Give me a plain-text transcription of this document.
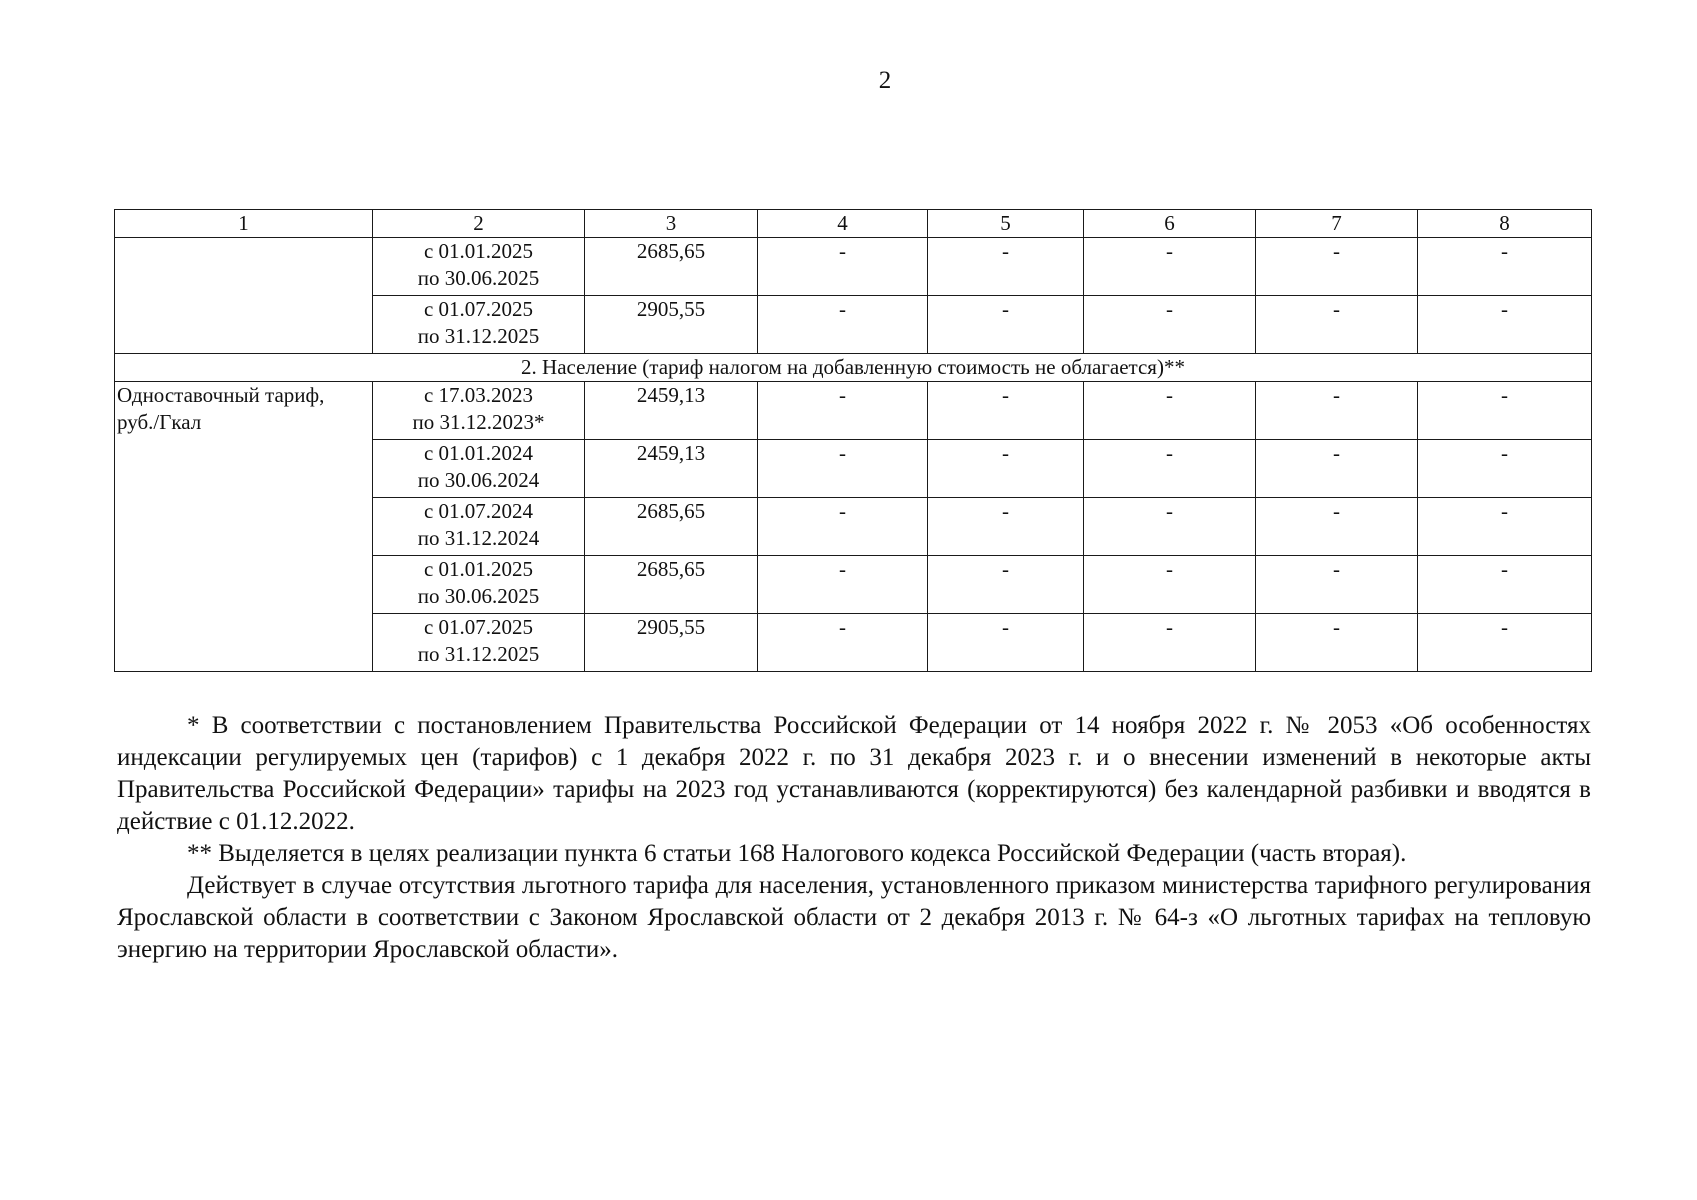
2
1	2	3	4	5	6	7	8

	с 01.01.2025
по 30.06.2025	2685,65	-	-	-	-	-

	с 01.07.2025
по 31.12.2025	2905,55	-	-	-	-	-
2. Население (тариф налогом на добавленную стоимость не облагается)**							

Одноставочный тариф,
руб./Гкал	с 17.03.2023
по 31.12.2023*	2459,13	-	-	-	-	-

	с 01.01.2024
по 30.06.2024	2459,13	-	-	-	-	-

	с 01.07.2024
по 31.12.2024	2685,65	-	-	-	-	-

	с 01.01.2025
по 30.06.2025	2685,65	-	-	-	-	-

	с 01.07.2025
по 31.12.2025	2905,55	-	-	-	-	-

* В соответствии с постановлением Правительства Российской Федерации от 14 ноября 2022 г. № 2053 «Об особенностях индексации регулируемых цен (тарифов) с 1 декабря 2022 г. по 31 декабря 2023 г. и о внесении изменений в некоторые акты Правительства Российской Федерации» тарифы на 2023 год устанавливаются (корректируются) без календарной разбивки и вводятся в действие с 01.12.2022.

** Выделяется в целях реализации пункта 6 статьи 168 Налогового кодекса Российской Федерации (часть вторая).

Действует в случае отсутствия льготного тарифа для населения, установленного приказом министерства тарифного регулирования Ярославской области в соответствии с Законом Ярославской области от 2 декабря 2013 г. № 64-з «О льготных тарифах на тепловую энергию на территории Ярославской области».
